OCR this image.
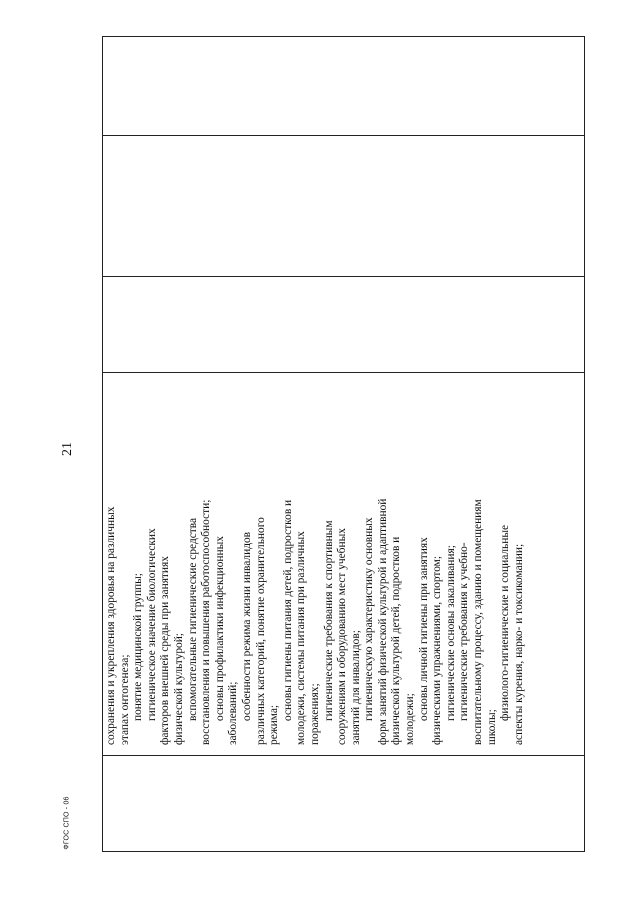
21
ФГОС СПО - 06

сохранения и укрепления здоровья на различных этапах онтогенеза; понятие медицинской группы; гигиеническое значение биологических факторов внешней среды при занятиях физической культурой; вспомогательные гигиенические средства восстановления и повышения работоспособности; основы профилактики инфекционных заболеваний; особенности режима жизни инвалидов различных категорий, понятие охранительного режима;

основы гигиены питания детей, подростков и молодежи, системы питания при различных поражениях; гигиенические требования к спортивным сооружениям и оборудованию мест учебных занятий для инвалидов; гигиеническую характеристику основных форм занятий физической культурой и адаптивной физической культурой детей, подростков и молодежи; основы личной гигиены при занятиях физическими упражнениями, спортом; гигиенические основы закаливания; гигиенические требования к учебно- воспитательному процессу, зданию и помещениям школы;

физиолого-гигиенические и социальные аспекты курения, нарко- и токсикомании;
